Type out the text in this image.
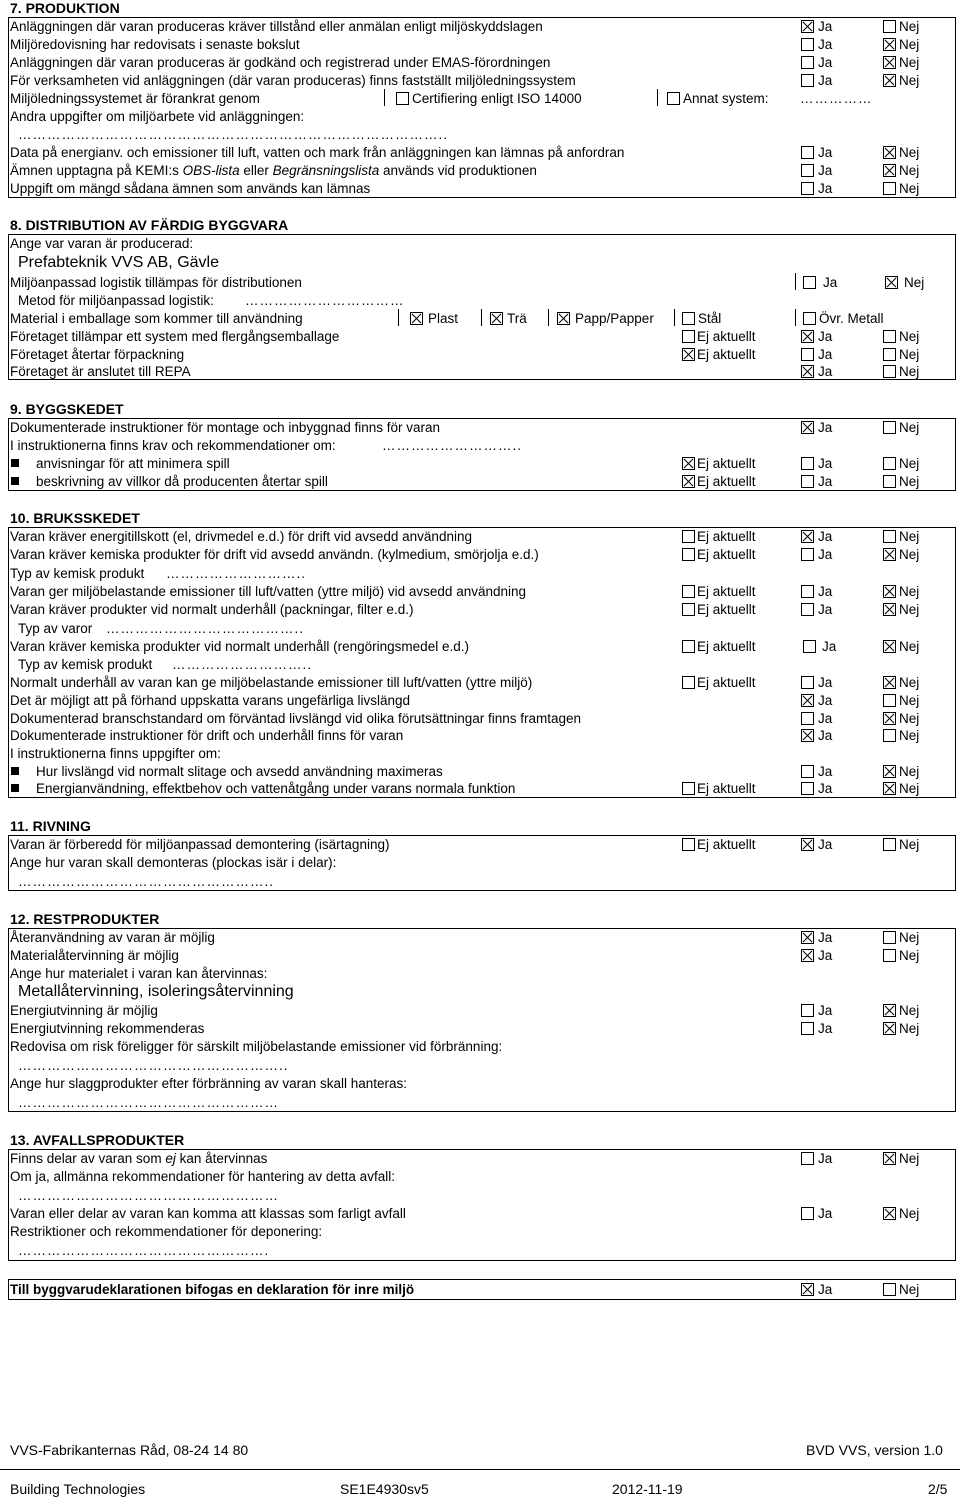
7. PRODUKTION
Anläggningen där varan produceras kräver tillstånd eller anmälan enligt miljöskyddslagen	Ja	Nej
Miljöredovisning har redovisats i senaste bokslut	Ja	Nej
Anläggningen där varan produceras är godkänd och registrerad under EMAS-förordningen	Ja	Nej
För verksamheten vid anläggningen (där varan produceras) finns fastställt miljöledningssystem	Ja	Nej
Miljöledningssystemet är förankrat genom	Certifiering enligt ISO 14000	Annat system: ……………
Andra uppgifter om miljöarbete vid anläggningen:
……………………………………………………………………………..
Data på energianv. och emissioner till luft, vatten och mark från anläggningen kan lämnas på anfordran	Ja	Nej
Ämnen upptagna på KEMI:s OBS-lista eller Begränsningslista används vid produktionen	Ja	Nej
Uppgift om mängd sådana ämnen som används kan lämnas	Ja	Nej
8. DISTRIBUTION AV FÄRDIG BYGGVARA
Ange var varan är producerad:
Prefabteknik VVS AB, Gävle
Miljöanpassad logistik tillämpas för distributionen	Ja	Nej
Metod för miljöanpassad logistik: ……………………………
Material i emballage som kommer till användning	Plast	Trä	Papp/Papper	Stål	Övr. Metall
Företaget tillämpar ett system med flergångsemballage	Ej aktuellt	Ja	Nej
Företaget återtar förpackning	Ej aktuellt	Ja	Nej
Företaget är anslutet till REPA	Ja	Nej
9. BYGGSKEDET
Dokumenterade instruktioner för montage och inbyggnad finns för varan	Ja	Nej
I instruktionerna finns krav och rekommendationer om:	………………………..
anvisningar för att minimera spill	Ej aktuellt	Ja	Nej
beskrivning av villkor då producenten återtar spill	Ej aktuellt	Ja	Nej
10. BRUKSSKEDET
Varan kräver energitillskott (el, drivmedel e.d.) för drift vid avsedd användning	Ej aktuellt	Ja	Nej
Varan kräver kemiska produkter för drift vid avsedd användn. (kylmedium, smörjolja e.d.)	Ej aktuellt	Ja	Nej
Typ av kemisk produkt ………………………..
Varan ger miljöbelastande emissioner till luft/vatten (yttre miljö) vid avsedd användning	Ej aktuellt	Ja	Nej
Varan kräver produkter vid normalt underhåll (packningar, filter e.d.)	Ej aktuellt	Ja	Nej
Typ av varor …………………………………..
Varan kräver kemiska produkter vid normalt underhåll (rengöringsmedel e.d.)	Ej aktuellt	Ja	Nej
Typ av kemisk produkt ………………………..
Normalt underhåll av varan kan ge miljöbelastande emissioner till luft/vatten (yttre miljö)	Ej aktuellt	Ja	Nej
Det är möjligt att på förhand uppskatta varans ungefärliga livslängd	Ja	Nej
Dokumenterad branschstandard om förväntad livslängd vid olika förutsättningar finns framtagen	Ja	Nej
Dokumenterade instruktioner för drift och underhåll finns för varan	Ja	Nej
I instruktionerna finns uppgifter om:
Hur livslängd vid normalt slitage och avsedd användning maximeras	Ja	Nej
Energianvändning, effektbehov och vattenåtgång under varans normala funktion	Ej aktuellt	Ja	Nej
11. RIVNING
Varan är förberedd för miljöanpassad demontering (isärtagning)	Ej aktuellt	Ja	Nej
Ange hur varan skall demonteras (plockas isär i delar):
……………………………………………..
12. RESTPRODUKTER
Återanvändning av varan är möjlig	Ja	Nej
Materialåtervinning är möjlig	Ja	Nej
Ange hur materialet i varan kan återvinnas:
Metallåtervinning, isoleringsåtervinning
Energiutvinning är möjlig	Ja	Nej
Energiutvinning rekommenderas	Ja	Nej
Redovisa om risk föreligger för särskilt miljöbelastande emissioner vid förbränning:
………………………………………………..
Ange hur slaggprodukter efter förbränning av varan skall hanteras:
………………………………………………
13. AVFALLSPRODUKTER
Finns delar av varan som ej kan återvinnas	Ja	Nej
Om ja, allmänna rekommendationer för hantering av detta avfall:
………………………………………………
Varan eller delar av varan kan komma att klassas som farligt avfall	Ja	Nej
Restriktioner och rekommendationer för deponering:
…………………………………………….
Till byggvarudeklarationen bifogas en deklaration för inre miljö	Ja	Nej
VVS-Fabrikanternas Råd, 08-24 14 80	BVD VVS, version 1.0
Building Technologies	SE1E4930sv5	2012-11-19	2/5
